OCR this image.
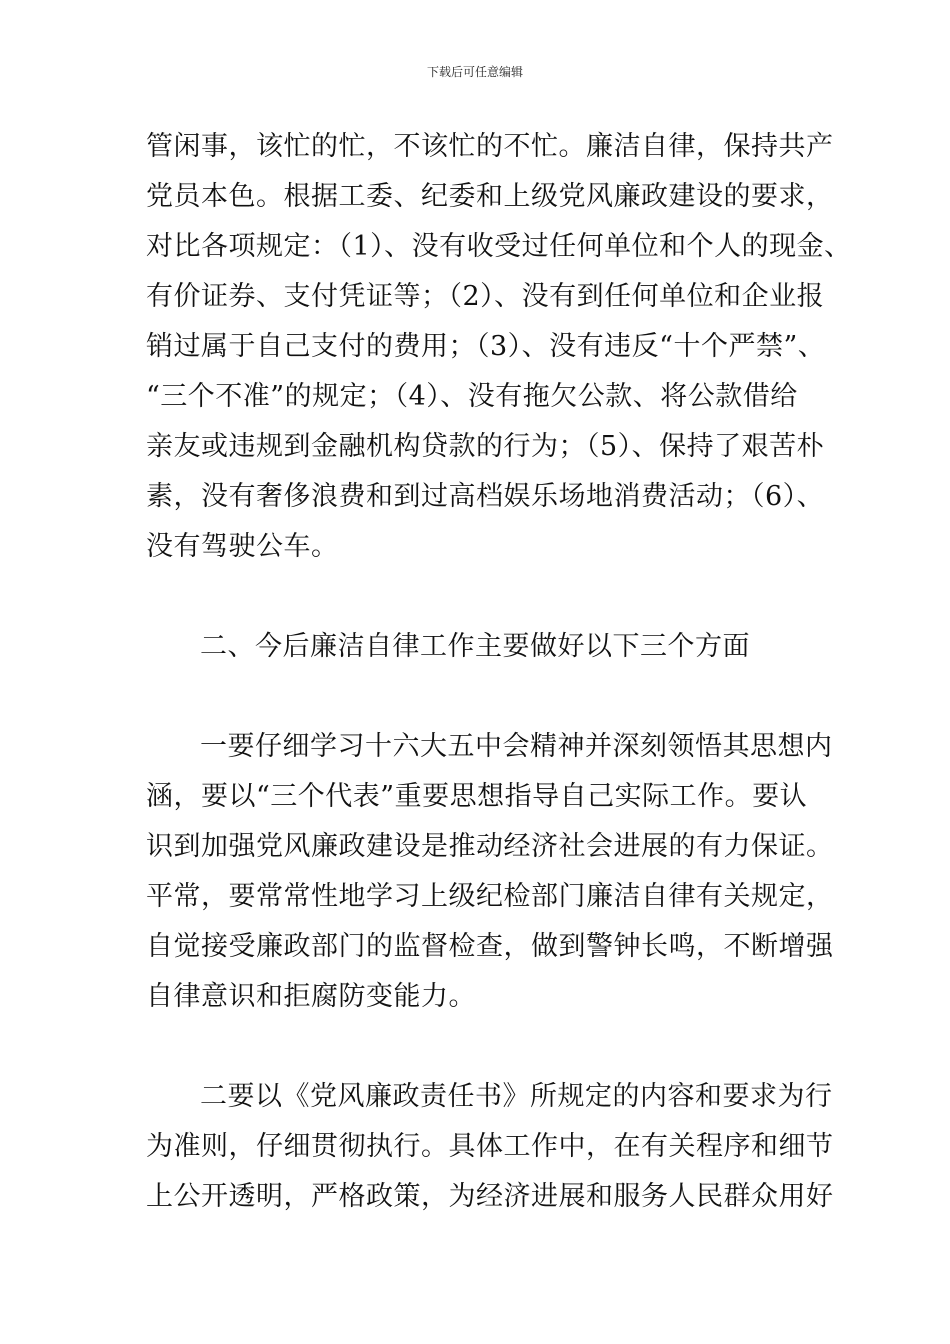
下载后可任意编辑
管闲事，该忙的忙，不该忙的不忙。廉洁自律，保持共产
党员本色。根据工委、纪委和上级党风廉政建设的要求，
对比各项规定：（1）、没有收受过任何单位和个人的现金、
有价证券、支付凭证等；（2）、没有到任何单位和企业报
销过属于自己支付的费用；（3）、没有违反“十个严禁”、
“三个不准”的规定；（4）、没有拖欠公款、将公款借给
亲友或违规到金融机构贷款的行为；（5）、保持了艰苦朴
素，没有奢侈浪费和到过高档娱乐场地消费活动；（6）、
没有驾驶公车。
二、今后廉洁自律工作主要做好以下三个方面
一要仔细学习十六大五中会精神并深刻领悟其思想内
涵，要以“三个代表”重要思想指导自己实际工作。要认
识到加强党风廉政建设是推动经济社会进展的有力保证。
平常，要常常性地学习上级纪检部门廉洁自律有关规定，
自觉接受廉政部门的监督检查，做到警钟长鸣，不断增强
自律意识和拒腐防变能力。
二要以《党风廉政责任书》所规定的内容和要求为行
为准则，仔细贯彻执行。具体工作中，在有关程序和细节
上公开透明，严格政策，为经济进展和服务人民群众用好
